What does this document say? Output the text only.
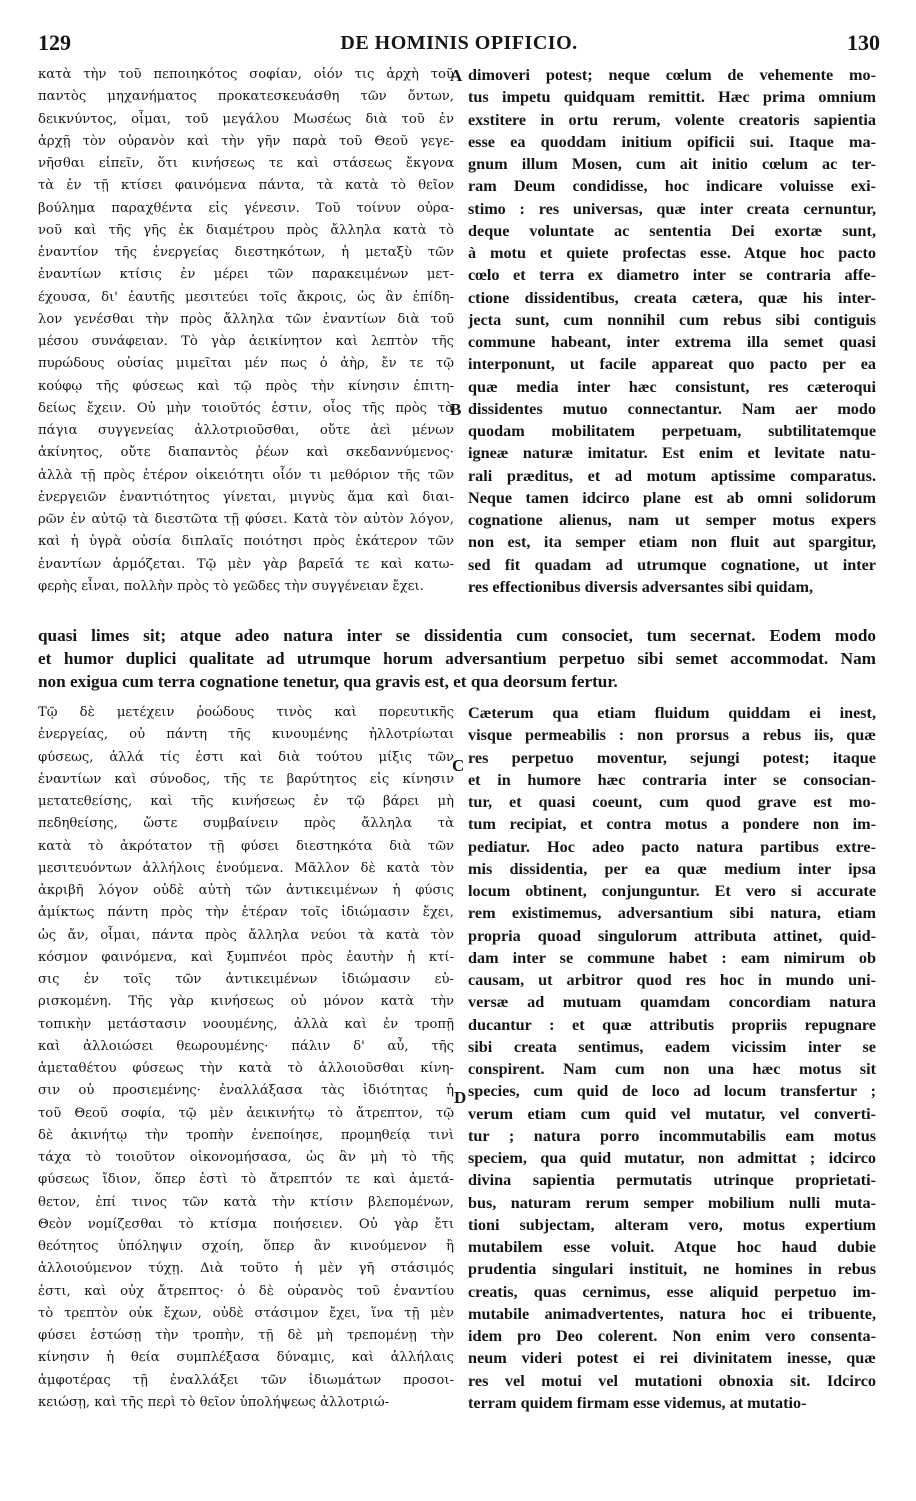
129	DE HOMINIS OPIFICIO.	130
κατὰ τὴν τοῦ πεποιηκότος σοφίαν, οἱόν τις ἀρχὴ τοῦ
παντὸς μηχανήματος προκατεσκευάσθη τῶν ὄντων,
δεικνύντος, οἶμαι, τοῦ μεγάλου Μωσέως διὰ τοῦ ἐν
ἀρχῇ τὸν οὐρανὸν καὶ τὴν γῆν παρὰ τοῦ Θεοῦ γεγε-
νῆσθαι εἰπεῖν, ὅτι κινήσεως τε καὶ στάσεως ἔκγονα
τὰ ἐν τῇ κτίσει φαινόμενα πάντα, τὰ κατὰ τὸ θεῖον
βούλημα παραχθέντα εἰς γένεσιν. Τοῦ τοίνυν οὐρα-
νοῦ καὶ τῆς γῆς ἐκ διαμέτρου πρὸς ἄλληλα κατὰ τὸ
ἐναντίον τῆς ἐνεργείας διεστηκότων, ἡ μεταξὺ τῶν
ἐναντίων κτίσις ἐν μέρει τῶν παρακειμένων μετ-
έχουσα, δι' ἑαυτῆς μεσιτεύει τοῖς ἄκροις, ὡς ἂν ἐπίδη-
λον γενέσθαι τὴν πρὸς ἄλληλα τῶν ἐναντίων διὰ τοῦ
μέσου συνάφειαν. Τὸ γὰρ ἀεικίνητον καὶ λεπτὸν τῆς
πυρώδους οὐσίας μιμεῖται μέν πως ὁ ἀὴρ, ἔν τε τῷ
κούφῳ τῆς φύσεως καὶ τῷ πρὸς τὴν κίνησιν ἐπιτη-
δείως ἔχειν. Οὐ μὴν τοιοῦτός ἐστιν, οἷος τῆς πρὸς τὰ
πάγια συγγενείας ἀλλοτριοῦσθαι, οὔτε ἀεὶ μένων
ἀκίνητος, οὔτε διαπαντὸς ῥέων καὶ σκεδαννύμενος·
ἀλλὰ τῇ πρὸς ἑτέρον οἰκειότητι οἷόν τι μεθόριον τῆς τῶν
ἐνεργειῶν ἐναντιότητος γίνεται, μιγνὺς ἅμα καὶ διαι-
ρῶν ἐν αὐτῷ τὰ διεστῶτα τῇ φύσει. Κατὰ τὸν αὐτὸν λόγον,
καὶ ἡ ὑγρὰ οὐσία διπλαῖς ποιότησι πρὸς ἑκάτερον τῶν
ἐναντίων ἁρμόζεται. Τῷ μὲν γὰρ βαρεῖά τε καὶ κατω-
φερὴς εἶναι, πολλὴν πρὸς τὸ γεῶδες τὴν συγγένειαν ἔχει.
dimoveri potest; neque cœlum de vehemente mo-
tus impetu quidquam remittit. Hæc prima omnium
exstitere in ortu rerum, volente creatoris sapientia
esse ea quoddam initium opificii sui. Itaque ma-
gnum illum Mosen, cum ait initio cœlum ac ter-
ram Deum condidisse, hoc indicare voluisse exi-
stimo : res universas, quæ inter creata cernuntur,
deque voluntate ac sententia Dei exortæ sunt,
à motu et quiete profectas esse. Atque hoc pacto
cœlo et terra ex diametro inter se contraria affe-
ctione dissidentibus, creata cætera, quæ his inter-
jecta sunt, cum nonnihil cum rebus sibi contiguis
commune habeant, inter extrema illa semet quasi
interponunt, ut facile appareat quo pacto per ea
quæ media inter hæc consistunt, res cæteroqui
dissidentes mutuo connectantur. Nam aer modo
quodam mobilitatem perpetuam, subtilitatemque
igneæ naturæ imitatur. Est enim et levitate natu-
rali præditus, et ad motum aptissime comparatus.
Neque tamen idcirco plane est ab omni solidorum
cognatione alienus, nam ut semper motus expers
non est, ita semper etiam non fluit aut spargitur,
sed fit quadam ad utrumque cognatione, ut inter
res effectionibus diversis adversantes sibi quidam,
quasi limes sit; atque adeo natura inter se dissidentia cum consociet, tum secernat. Eodem modo
et humor duplici qualitate ad utrumque horum adversantium perpetuo sibi semet accommodat. Nam
non exigua cum terra cognatione tenetur, qua gravis est, et qua deorsum fertur.
Τῷ δὲ μετέχειν ῥοώδους τινὸς καὶ πορευτικῆς
ἐνεργείας, οὐ πάντη τῆς κινουμένης ἠλλοτρίωται
φύσεως, ἀλλά τίς ἐστι καὶ διὰ τούτου μίξις τῶν
ἐναντίων καὶ σύνοδος, τῆς τε βαρύτητος εἰς κίνησιν
μετατεθείσης, καὶ τῆς κινήσεως ἐν τῷ βάρει μὴ
πεδηθείσης, ὥστε συμβαίνειν πρὸς ἄλληλα τὰ
κατὰ τὸ ἀκρότατον τῇ φύσει διεστηκότα διὰ τῶν
μεσιτευόντων ἀλλήλοις ἑνούμενα. Μᾶλλον δὲ κατὰ τὸν
ἀκριβῆ λόγον οὐδὲ αὐτὴ τῶν ἀντικειμένων ἡ φύσις
ἀμίκτως πάντη πρὸς τὴν ἑτέραν τοῖς ἰδιώμασιν ἔχει,
ὡς ἄν, οἶμαι, πάντα πρὸς ἄλληλα νεύοι τὰ κατὰ τὸν
κόσμον φαινόμενα, καὶ ξυμπνέοι πρὸς ἑαυτὴν ἡ κτί-
σις ἐν τοῖς τῶν ἀντικειμένων ἰδιώμασιν εὑ-
ρισκομένη. Τῆς γὰρ κινήσεως οὐ μόνον κατὰ τὴν
τοπικὴν μετάστασιν νοουμένης, ἀλλὰ καὶ ἐν τροπῇ
καὶ ἀλλοιώσει θεωρουμένης· πάλιν δ' αὖ, τῆς
ἀμεταθέτου φύσεως τὴν κατὰ τὸ ἀλλοιοῦσθαι κίνη-
σιν οὐ προσιεμένης· ἐναλλάξασα τὰς ἰδιότητας ἡ
τοῦ Θεοῦ σοφία, τῷ μὲν ἀεικινήτῳ τὸ ἄτρεπτον, τῷ
δὲ ἀκινήτῳ τὴν τροπὴν ἐνεποίησε, προμηθείᾳ τινὶ
τάχα τὸ τοιοῦτον οἰκονομήσασα, ὡς ἂν μὴ τὸ τῆς
φύσεως ἴδιον, ὅπερ ἐστὶ τὸ ἄτρεπτόν τε καὶ ἀμετά-
θετον, ἐπί τινος τῶν κατὰ τὴν κτίσιν βλεπομένων,
Θεὸν νομίζεσθαι τὸ κτίσμα ποιήσειεν. Οὐ γὰρ ἔτι
θεότητος ὑπόληψιν σχοίη, ὅπερ ἂν κινούμενον ἢ
ἀλλοιούμενον τύχῃ. Διὰ τοῦτο ἡ μὲν γῆ στάσιμός
ἐστι, καὶ οὐχ ἄτρεπτος· ὁ δὲ οὐρανὸς τοῦ ἐναντίου
τὸ τρεπτὸν οὐκ ἔχων, οὐδὲ στάσιμον ἔχει, ἵνα τῇ μὲν
φύσει ἑστώσῃ τὴν τροπὴν, τῇ δὲ μὴ τρεπομένῃ τὴν
κίνησιν ἡ θεία συμπλέξασα δύναμις, καὶ ἀλλήλαις
ἀμφοτέρας τῇ ἐναλλάξει τῶν ἰδιωμάτων προσοι-
κειώσῃ, καὶ τῆς περὶ τὸ θεῖον ὑπολήψεως ἀλλοτριώ-
Cæterum qua etiam fluidum quiddam ei inest,
visque permeabilis : non prorsus a rebus iis, quæ
res perpetuo moventur, sejungi potest; itaque
et in humore hæc contraria inter se consocian-
tur, et quasi coeunt, cum quod grave est mo-
tum recipiat, et contra motus a pondere non im-
pediatur. Hoc adeo pacto natura partibus extre-
mis dissidentia, per ea quæ medium inter ipsa
locum obtinent, conjunguntur. Et vero si accurate
rem existimemus, adversantium sibi natura, etiam
propria quoad singulorum attributa attinet, quid-
dam inter se commune habet : eam nimirum ob
causam, ut arbitror quod res hoc in mundo uni-
versæ ad mutuam quamdam concordiam natura
ducantur : et quæ attributis propriis repugnare
sibi creata sentimus, eadem vicissim inter se
conspirent. Nam cum non una hæc motus sit
species, cum quid de loco ad locum transfertur ;
verum etiam cum quid vel mutatur, vel converti-
tur ; natura porro incommutabilis eam motus
speciem, qua quid mutatur, non admittat ; idcirco
divina sapientia permutatis utrinque proprietati-
bus, naturam rerum semper mobilium nulli muta-
tioni subjectam, alteram vero, motus expertium
mutabilem esse voluit. Atque hoc haud dubie
prudentia singulari instituit, ne homines in rebus
creatis, quas cernimus, esse aliquid perpetuo im-
mutabile animadvertentes, natura hoc ei tribuente,
idem pro Deo colerent. Non enim vero consenta-
neum videri potest ei rei divinitatem inesse, quæ
res vel motui vel mutationi obnoxia sit. Idcirco
terram quidem firmam esse videmus, at mutatio-
A
B
C
D
